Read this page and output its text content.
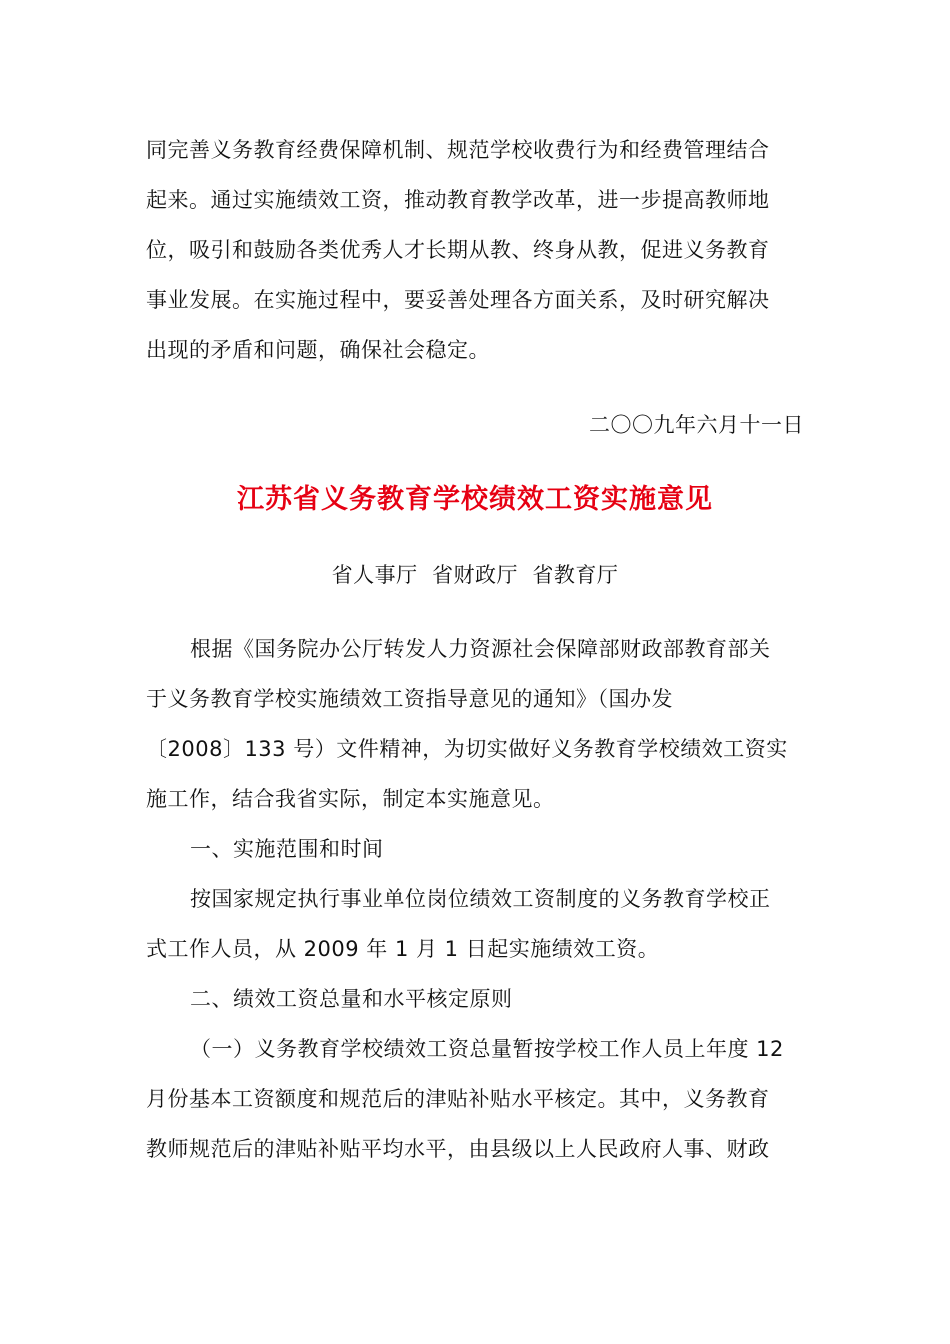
同完善义务教育经费保障机制、规范学校收费行为和经费管理结合
起来。通过实施绩效工资，推动教育教学改革，进一步提高教师地
位，吸引和鼓励各类优秀人才长期从教、终身从教，促进义务教育
事业发展。在实施过程中，要妥善处理各方面关系，及时研究解决
出现的矛盾和问题，确保社会稳定。
二〇〇九年六月十一日
江苏省义务教育学校绩效工资实施意见
省人事厅  省财政厅  省教育厅
根据《国务院办公厅转发人力资源社会保障部财政部教育部关
于义务教育学校实施绩效工资指导意见的通知》（国办发
〔2008〕133 号）文件精神，为切实做好义务教育学校绩效工资实
施工作，结合我省实际，制定本实施意见。
一、实施范围和时间
按国家规定执行事业单位岗位绩效工资制度的义务教育学校正
式工作人员，从 2009 年 1 月 1 日起实施绩效工资。
二、绩效工资总量和水平核定原则
（一）义务教育学校绩效工资总量暂按学校工作人员上年度 12
月份基本工资额度和规范后的津贴补贴水平核定。其中，义务教育
教师规范后的津贴补贴平均水平，由县级以上人民政府人事、财政
